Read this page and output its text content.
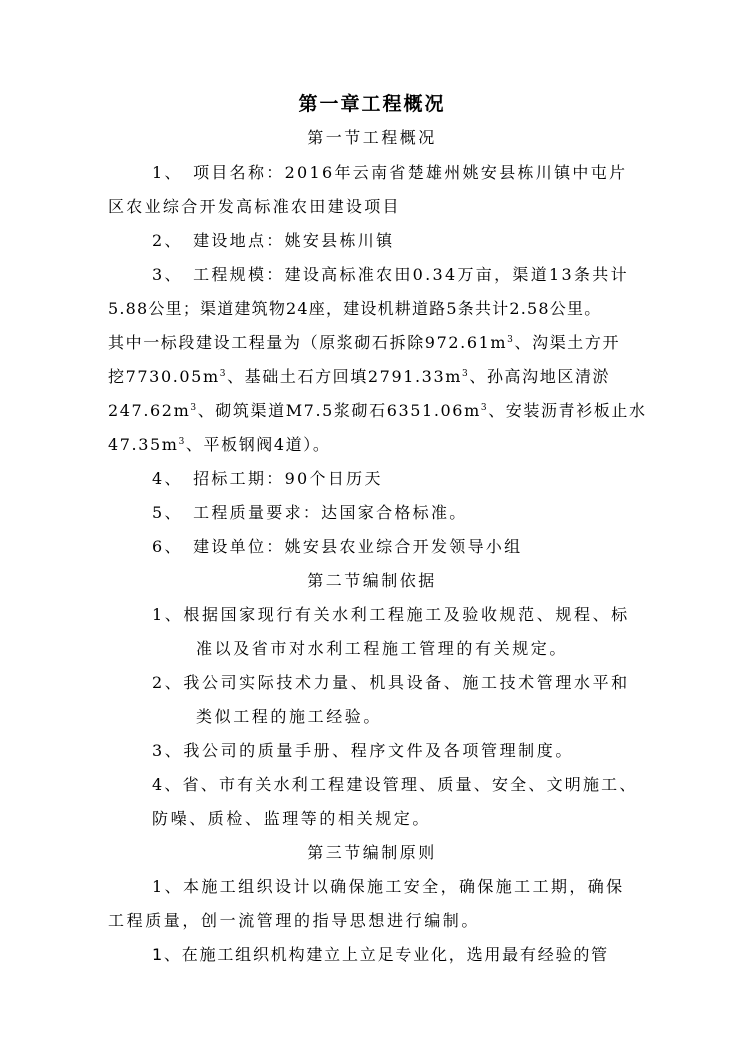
第一章工程概况
第一节工程概况
1、　项目名称：2016年云南省楚雄州姚安县栋川镇中屯片
区农业综合开发高标准农田建设项目
2、　建设地点：姚安县栋川镇
3、　工程规模：建设高标准农田0.34万亩，渠道13条共计
5.88公里；渠道建筑物24座，建设机耕道路5条共计2.58公里。
其中一标段建设工程量为（原浆砌石拆除$972.61m^3$、沟渠土方开
挖$7730.05m^3$、基础土石方回填$2791.33m^3$、孙高沟地区清淤
$247.62m^3$、砌筑渠道M7.5浆砌石$6351.06m^3$、安装沥青衫板止水
$47.35m^3$、平板钢阀4道）。
4、　招标工期：90个日历天
5、　工程质量要求：达国家合格标准。
6、　建设单位：姚安县农业综合开发领导小组
第二节编制依据
1、根据国家现行有关水利工程施工及验收规范、规程、标
准以及省市对水利工程施工管理的有关规定。
2、我公司实际技术力量、机具设备、施工技术管理水平和
类似工程的施工经验。
3、我公司的质量手册、程序文件及各项管理制度。
4、省、市有关水利工程建设管理、质量、安全、文明施工、
防噪、质检、监理等的相关规定。
第三节编制原则
1、本施工组织设计以确保施工安全，确保施工工期，确保
工程质量，创一流管理的指导思想进行编制。
1、在施工组织机构建立上立足专业化，选用最有经验的管
